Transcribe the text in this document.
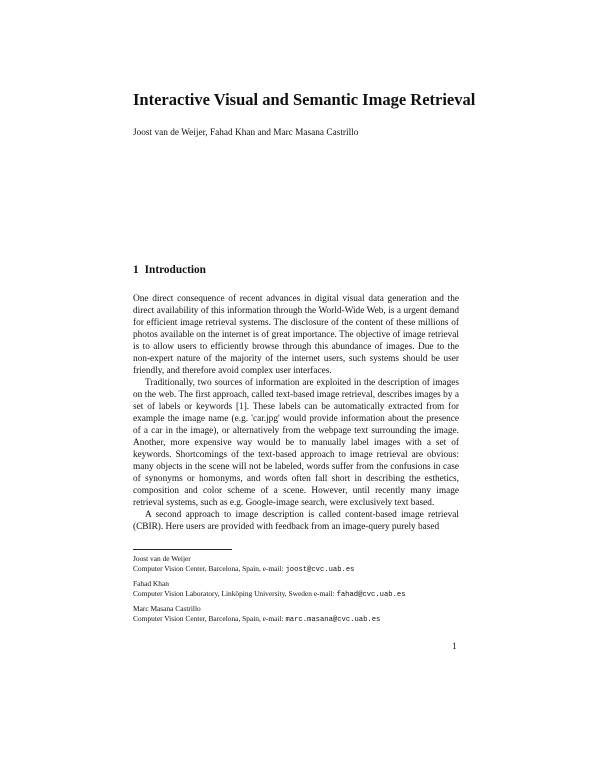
Interactive Visual and Semantic Image Retrieval
Joost van de Weijer, Fahad Khan and Marc Masana Castrillo
1 Introduction

One direct consequence of recent advances in digital visual data generation and the direct availability of this information through the World-Wide Web, is a urgent demand for efficient image retrieval systems. The disclosure of the content of these millions of photos available on the internet is of great importance. The objective of image retrieval is to allow users to efficiently browse through this abundance of images. Due to the non-expert nature of the majority of the internet users, such systems should be user friendly, and therefore avoid complex user interfaces.

Traditionally, two sources of information are exploited in the description of images on the web. The first approach, called text-based image retrieval, describes images by a set of labels or keywords [1]. These labels can be automatically extracted from for example the image name (e.g. 'car.jpg' would provide information about the presence of a car in the image), or alternatively from the webpage text surrounding the image. Another, more expensive way would be to manually label images with a set of keywords. Shortcomings of the text-based approach to image retrieval are obvious: many objects in the scene will not be labeled, words suffer from the confusions in case of synonyms or homonyms, and words often fall short in describing the esthetics, composition and color scheme of a scene. However, until recently many image retrieval systems, such as e.g. Google-image search, were exclusively text based.

A second approach to image description is called content-based image retrieval (CBIR). Here users are provided with feedback from an image-query purely based

Joost van de Weijer
Computer Vision Center, Barcelona, Spain, e-mail: joost@cvc.uab.es
Fahad Khan
Computer Vision Laboratory, Linköping University, Sweden e-mail: fahad@cvc.uab.es
Marc Masana Castrillo
Computer Vision Center, Barcelona, Spain, e-mail: marc.masana@cvc.uab.es
1
